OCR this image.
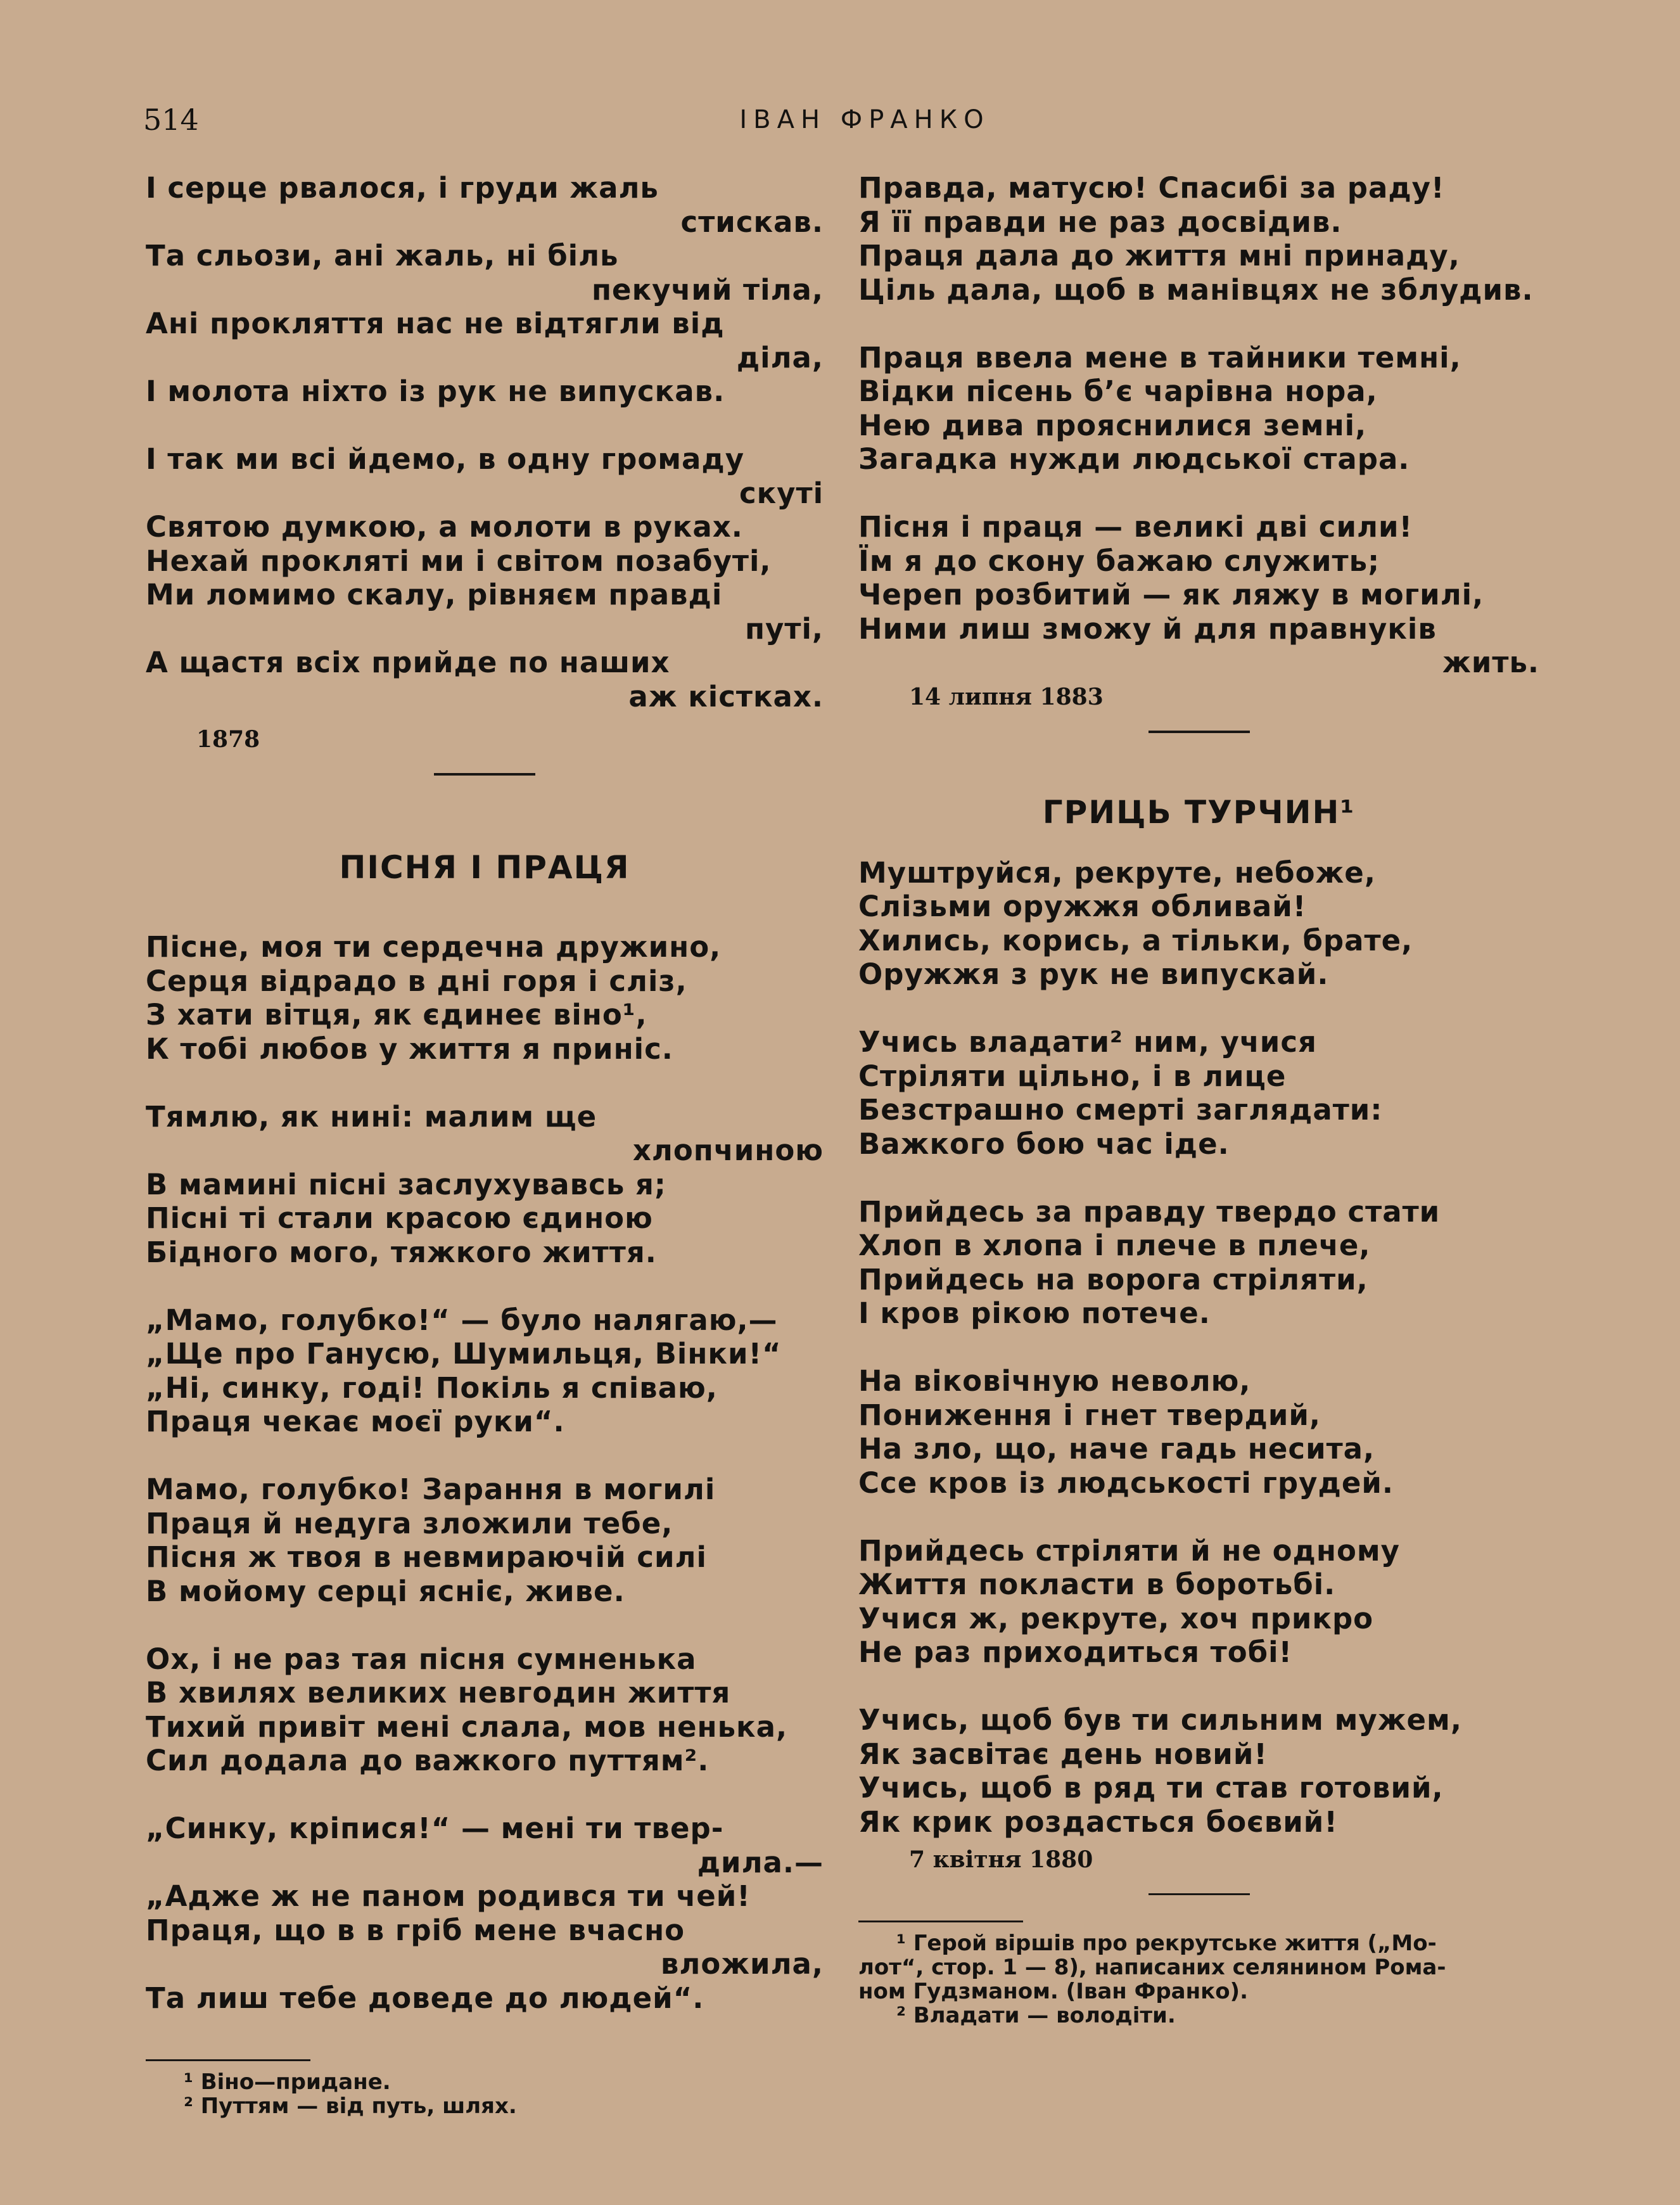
514	ІВАН ФРАНКО
І серце рвалося, і груди жаль
стискав.
Та сльози, ані жаль, ні біль
пекучий тіла,
Ані прокляття нас не відтягли від
діла,
І молота ніхто із рук не випускав.
І так ми всі йдемо, в одну громаду
скуті
Святою думкою, а молоти в руках.
Нехай прокляті ми і світом позабуті,
Ми ломимо скалу, рівняєм правді
путі,
А щастя всіх прийде по наших
аж кістках.
1878
ПІСНЯ І ПРАЦЯ
Пісне, моя ти сердечна дружино,
Серця відрадо в дні горя і сліз,
З хати вітця, як єдинеє віно¹,
К тобі любов у життя я приніс.
Тямлю, як нині: малим ще
хлопчиною
В мамині пісні заслухувавсь я;
Пісні ті стали красою єдиною
Бідного мого, тяжкого життя.
„Мамо, голубко!“ — було налягаю,—
„Ще про Ганусю, Шумильця, Вінки!“
„Ні, синку, годі! Покіль я співаю,
Праця чекає моєї руки“.
Мамо, голубко! Зарання в могилі
Праця й недуга зложили тебе,
Пісня ж твоя в невмираючій силі
В мойому серці ясніє, живе.
Ох, і не раз тая пісня сумненька
В хвилях великих невгодин життя
Тихий привіт мені слала, мов ненька,
Сил додала до важкого путтям².
„Синку, кріпися!“ — мені ти твер-
дила.—
„Адже ж не паном родився ти чей!
Праця, що в в гріб мене вчасно
вложила,
Та лиш тебе доведе до людей“.
¹ Віно—придане.
² Путтям — від путь, шлях.
Правда, матусю! Спасибі за раду!
Я її правди не раз досвідив.
Праця дала до життя мні принаду,
Ціль дала, щоб в манівцях не зблудив.
Праця ввела мене в тайники темні,
Відки пісень б’є чарівна нора,
Нею дива прояснилися земні,
Загадка нужди людської стара.
Пісня і праця — великі дві сили!
Їм я до скону бажаю служить;
Череп розбитий — як ляжу в могилі,
Ними лиш зможу й для правнуків
жить.
14 липня 1883
ГРИЦЬ ТУРЧИН¹
Муштруйся, рекруте, небоже,
Слізьми оружжя обливай!
Хились, корись, а тільки, брате,
Оружжя з рук не випускай.
Учись владати² ним, учися
Стріляти цільно, і в лице
Безстрашно смерті заглядати:
Важкого бою час іде.
Прийдесь за правду твердо стати
Хлоп в хлопа і плече в плече,
Прийдесь на ворога стріляти,
І кров рікою потече.
На віковічную неволю,
Пониження і гнет твердий,
На зло, що, наче гадь несита,
Ссе кров із людськості грудей.
Прийдесь стріляти й не одному
Життя покласти в боротьбі.
Учися ж, рекруте, хоч прикро
Не раз приходиться тобі!
Учись, щоб був ти сильним мужем,
Як засвітає день новий!
Учись, щоб в ряд ти став готовий,
Як крик роздасться боєвий!
7 квітня 1880
¹ Герой віршів про рекрутське життя („Мо-
лот“, стор. 1 — 8), написаних селянином Рома-
ном Гудзманом. (Іван Франко).
² Владати — володіти.
